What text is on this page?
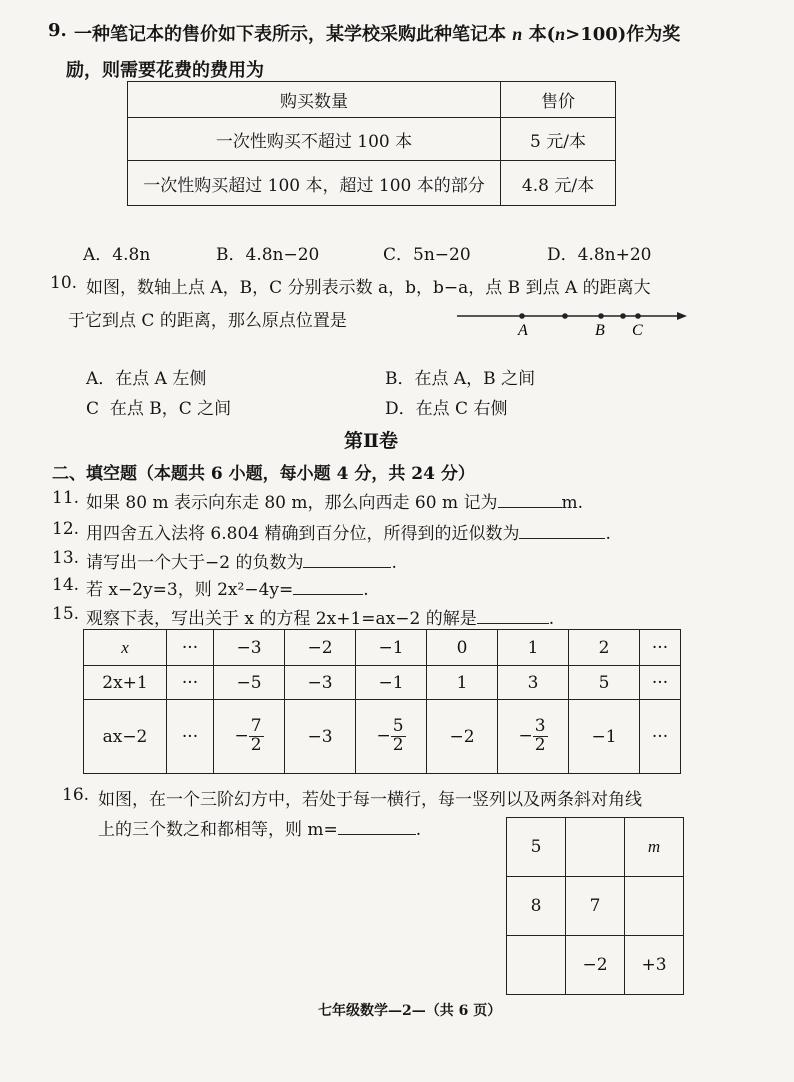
9. 一种笔记本的售价如下表所示，某学校采购此种笔记本 n 本(n>100)作为奖
励，则需要花费的费用为
购买数量	售价
一次性购买不超过 100 本	5 元/本
一次性购买超过 100 本，超过 100 本的部分	4.8 元/本
A．4.8n	B．4.8n−20	C．5n−20	D．4.8n+20
10. 如图，数轴上点 A，B，C 分别表示数 a，b，b−a，点 B 到点 A 的距离大
于它到点 C 的距离，那么原点位置是	A	B C
A．在点 A 左侧	B．在点 A，B 之间
C 在点 B，C 之间	D．在点 C 右侧
第Ⅱ卷
二、填空题（本题共 6 小题，每小题 4 分，共 24 分）
11. 如果 80 m 表示向东走 80 m，那么向西走 60 m 记为	m.
12. 用四舍五入法将 6.804 精确到百分位，所得到的近似数为	.
13. 请写出一个大于−2 的负数为	.
14. 若 x−2y=3，则 2x²−4y=	.
15. 观察下表，写出关于 x 的方程 2x+1=ax−2 的解是	.
x	···	−3	−2	−1	0	1	2	···
2x+1	···	−5	−3	−1	1	3	5	···
ax−2	···	− $\frac{7}{2}$	−3	− $\frac{5}{2}$	−2	− $\frac{3}{2}$	−1	···
16. 如图，在一个三阶幻方中，若处于每一横行，每一竖列以及两条斜对角线
上的三个数之和都相等，则 m=	.
5		m
8	7	
	−2	+3
七年级数学—2—（共 6 页）
